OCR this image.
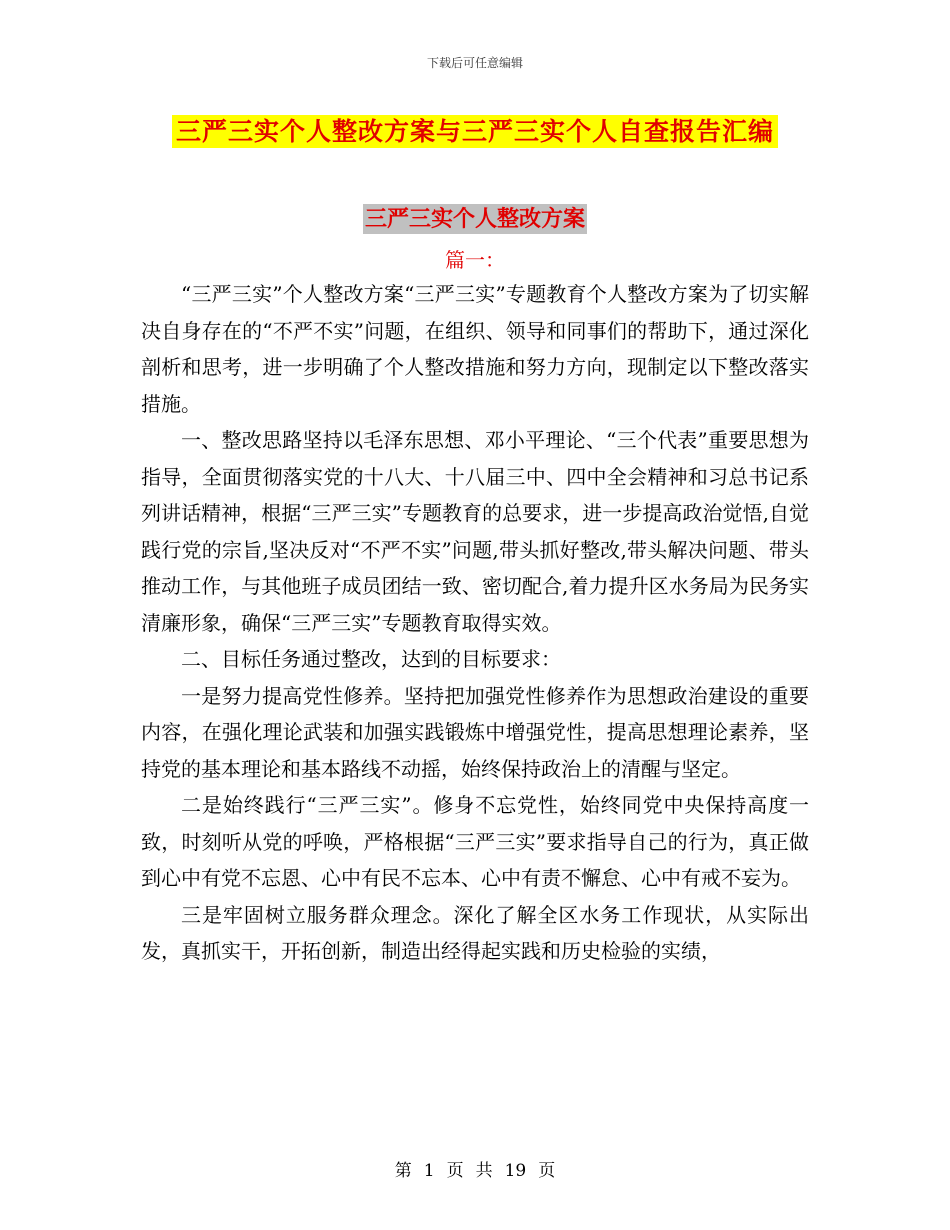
下载后可任意编辑
三严三实个人整改方案与三严三实个人自查报告汇编
三严三实个人整改方案
篇一：

“三严三实”个人整改方案“三严三实”专题教育个人整改方案为了切实解决自身存在的“不严不实”问题，在组织、领导和同事们的帮助下，通过深化剖析和思考，进一步明确了个人整改措施和努力方向，现制定以下整改落实措施。

一、整改思路坚持以毛泽东思想、邓小平理论、“三个代表”重要思想为指导，全面贯彻落实党的十八大、十八届三中、四中全会精神和习总书记系列讲话精神，根据“三严三实”专题教育的总要求，进一步提高政治觉悟,自觉践行党的宗旨,坚决反对“不严不实”问题,带头抓好整改,带头解决问题、带头推动工作，与其他班子成员团结一致、密切配合,着力提升区水务局为民务实清廉形象，确保“三严三实”专题教育取得实效。

二、目标任务通过整改，达到的目标要求：

一是努力提高党性修养。坚持把加强党性修养作为思想政治建设的重要内容，在强化理论武装和加强实践锻炼中增强党性，提高思想理论素养，坚持党的基本理论和基本路线不动摇，始终保持政治上的清醒与坚定。

二是始终践行“三严三实”。修身不忘党性，始终同党中央保持高度一致，时刻听从党的呼唤，严格根据“三严三实”要求指导自己的行为，真正做到心中有党不忘恩、心中有民不忘本、心中有责不懈怠、心中有戒不妄为。

三是牢固树立服务群众理念。深化了解全区水务工作现状，从实际出发，真抓实干，开拓创新，制造出经得起实践和历史检验的实绩，

第 1 页 共 19 页
